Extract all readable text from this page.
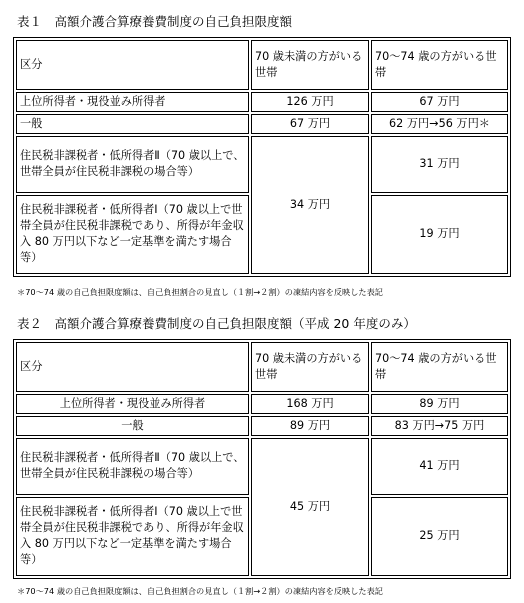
表１　高額介護合算療養費制度の自己負担限度額
区分	70 歳未満の方がいる世帯	70～74 歳の方がいる世帯
上位所得者・現役並み所得者	126 万円	67 万円
一般	67 万円	62 万円→56 万円＊
住民税非課税者・低所得者Ⅱ（70 歳以上で、世帯全員が住民税非課税の場合等）	34 万円	31 万円
住民税非課税者・低所得者Ⅰ（70 歳以上で世帯全員が住民税非課税であり、所得が年金収入 80 万円以下など一定基準を満たす場合等）		19 万円
＊70～74 歳の自己負担限度額は、自己負担割合の見直し（１割→２割）の凍結内容を反映した表記
表２　高額介護合算療養費制度の自己負担限度額（平成 20 年度のみ）
区分	70 歳未満の方がいる世帯	70～74 歳の方がいる世帯
上位所得者・現役並み所得者	168 万円	89 万円
一般	89 万円	83 万円→75 万円
住民税非課税者・低所得者Ⅱ（70 歳以上で、世帯全員が住民税非課税の場合等）	45 万円	41 万円
住民税非課税者・低所得者Ⅰ（70 歳以上で世帯全員が住民税非課税であり、所得が年金収入 80 万円以下など一定基準を満たす場合等）		25 万円
＊70～74 歳の自己負担限度額は、自己負担割合の見直し（１割→２割）の凍結内容を反映した表記
